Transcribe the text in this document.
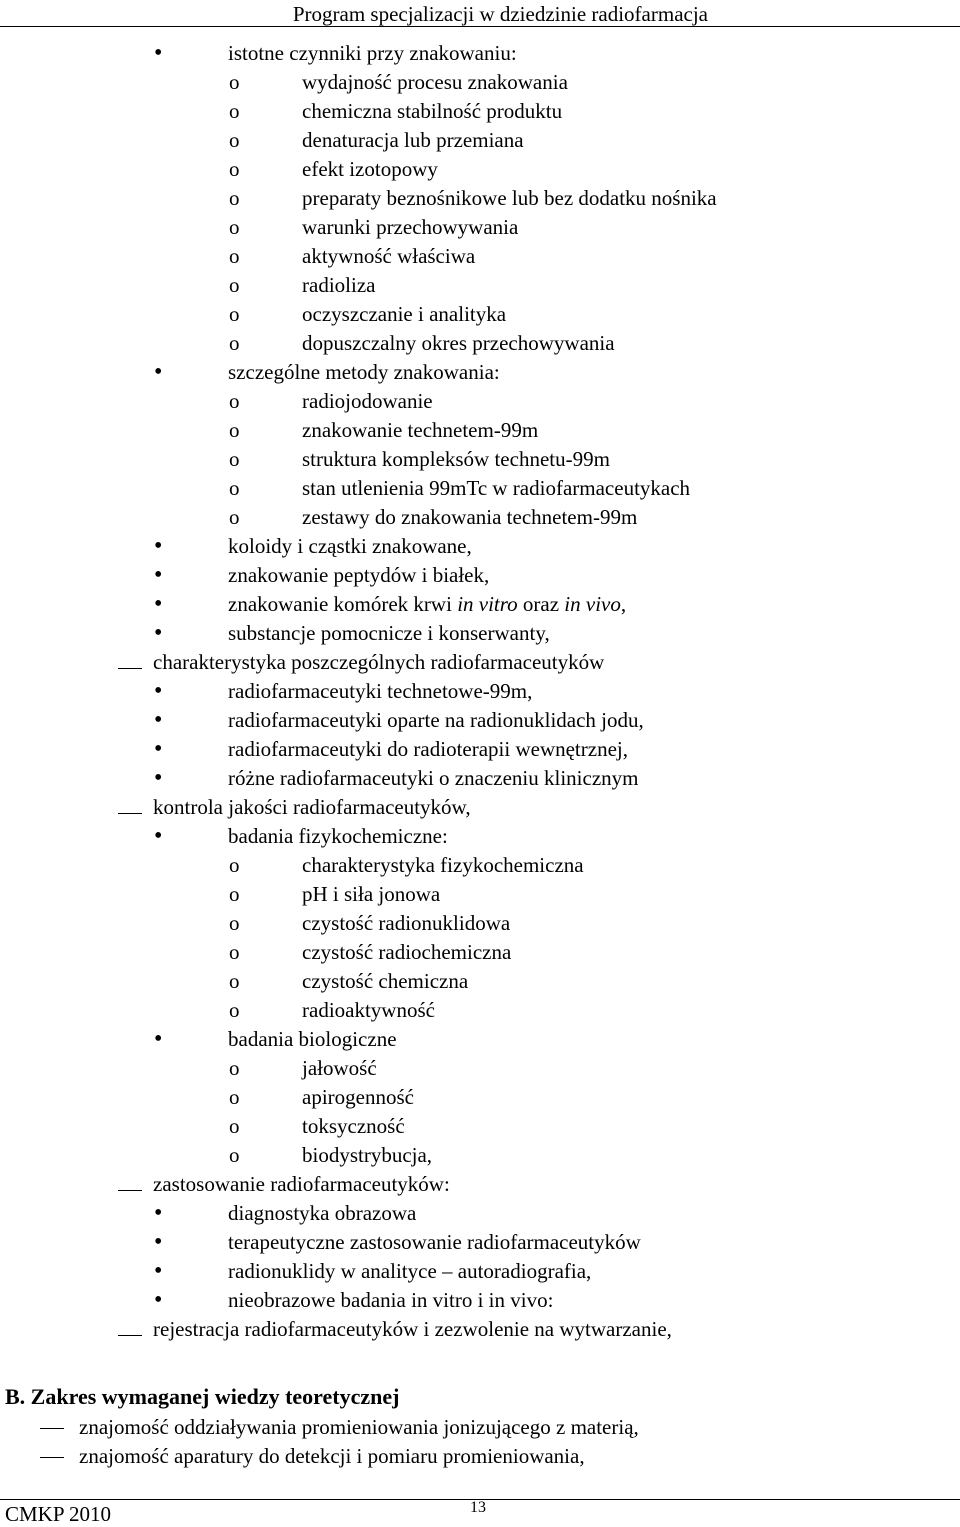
Program specjalizacji w dziedzinie radiofarmacja
•	istotne czynniki przy znakowaniu:
o	wydajność procesu znakowania
o	chemiczna stabilność produktu
o	denaturacja lub przemiana
o	efekt izotopowy
o	preparaty beznośnikowe lub bez dodatku nośnika
o	warunki przechowywania
o	aktywność właściwa
o	radioliza
o	oczyszczanie i analityka
o	dopuszczalny okres przechowywania
•	szczególne metody znakowania:
o	radiojodowanie
o	znakowanie technetem-99m
o	struktura kompleksów technetu-99m
o	stan utlenienia 99mTc w radiofarmaceutykach
o	zestawy do znakowania technetem-99m
•	koloidy i cząstki znakowane,
•	znakowanie peptydów i białek,
•	znakowanie komórek krwi in vitro oraz in vivo,
•	substancje pomocnicze i konserwanty,
charakterystyka poszczególnych radiofarmaceutyków
•	radiofarmaceutyki technetowe-99m,
•	radiofarmaceutyki oparte na radionuklidach jodu,
•	radiofarmaceutyki do radioterapii wewnętrznej,
•	różne radiofarmaceutyki o znaczeniu klinicznym
kontrola jakości radiofarmaceutyków,
•	badania fizykochemiczne:
o	charakterystyka fizykochemiczna
o	pH i siła jonowa
o	czystość radionuklidowa
o	czystość radiochemiczna
o	czystość chemiczna
o	radioaktywność
•	badania biologiczne
o	jałowość
o	apirogenność
o	toksyczność
o	biodystrybucja,
zastosowanie radiofarmaceutyków:
•	diagnostyka obrazowa
•	terapeutyczne zastosowanie radiofarmaceutyków
•	radionuklidy w analityce – autoradiografia,
•	nieobrazowe badania in vitro i in vivo:
rejestracja radiofarmaceutyków i zezwolenie na wytwarzanie,
B. Zakres wymaganej wiedzy teoretycznej
znajomość oddziaływania promieniowania jonizującego z materią,
znajomość aparatury do detekcji i pomiaru promieniowania,
CMKP 2010	13
